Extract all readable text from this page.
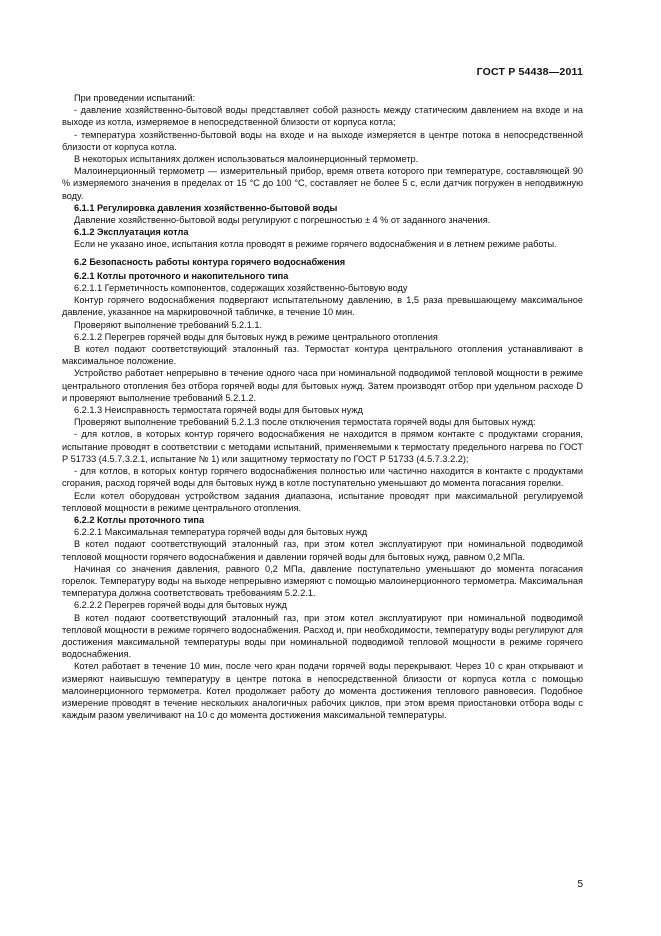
ГОСТ Р 54438—2011

При проведении испытаний:

- давление хозяйственно-бытовой воды представляет собой разность между статическим давлением на входе и на выходе из котла, измеряемое в непосредственной близости от корпуса котла;

- температура хозяйственно-бытовой воды на входе и на выходе измеряется в центре потока в непосредственной близости от корпуса котла.

В некоторых испытаниях должен использоваться малоинерционный термометр.

Малоинерционный термометр — измерительный прибор, время ответа которого при температуре, составляющей 90 % измеряемого значения в пределах от 15 °С до 100 °С, составляет не более 5 с, если датчик погружен в неподвижную воду.

6.1.1 Регулировка давления хозяйственно-бытовой воды

Давление хозяйственно-бытовой воды регулируют с погрешностью ± 4 % от заданного значения.

6.1.2 Эксплуатация котла

Если не указано иное, испытания котла проводят в режиме горячего водоснабжения и в летнем режиме работы.

6.2 Безопасность работы контура горячего водоснабжения

6.2.1 Котлы проточного и накопительного типа

6.2.1.1 Герметичность компонентов, содержащих хозяйственно-бытовую воду

Контур горячего водоснабжения подвергают испытательному давлению, в 1,5 раза превышающему максимальное давление, указанное на маркировочной табличке, в течение 10 мин.

Проверяют выполнение требований 5.2.1.1.

6.2.1.2 Перегрев горячей воды для бытовых нужд в режиме центрального отопления

В котел подают соответствующий эталонный газ. Термостат контура центрального отопления устанавливают в максимальное положение.

Устройство работает непрерывно в течение одного часа при номинальной подводимой тепловой мощности в режиме центрального отопления без отбора горячей воды для бытовых нужд. Затем производят отбор при удельном расходе D и проверяют выполнение требований 5.2.1.2.

6.2.1.3 Неисправность термостата горячей воды для бытовых нужд

Проверяют выполнение требований 5.2.1.3 после отключения термостата горячей воды для бытовых нужд:

- для котлов, в которых контур горячего водоснабжения не находится в прямом контакте с продуктами сгорания, испытание проводят в соответствии с методами испытаний, применяемыми к термостату предельного нагрева по ГОСТ Р 51733 (4.5.7.3.2.1, испытание № 1) или защитному термостату по ГОСТ Р 51733 (4.5.7.3.2.2);

- для котлов, в которых контур горячего водоснабжения полностью или частично находится в контакте с продуктами сгорания, расход горячей воды для бытовых нужд в котле поступательно уменьшают до момента погасания горелки.

Если котел оборудован устройством задания диапазона, испытание проводят при максимальной регулируемой тепловой мощности в режиме центрального отопления.

6.2.2 Котлы проточного типа

6.2.2.1 Максимальная температура горячей воды для бытовых нужд

В котел подают соответствующий эталонный газ, при этом котел эксплуатируют при номинальной подводимой тепловой мощности горячего водоснабжения и давлении горячей воды для бытовых нужд, равном 0,2 МПа.

Начиная со значения давления, равного 0,2 МПа, давление поступательно уменьшают до момента погасания горелок. Температуру воды на выходе непрерывно измеряют с помощью малоинерционного термометра. Максимальная температура должна соответствовать требованиям 5.2.2.1.

6.2.2.2 Перегрев горячей воды для бытовых нужд

В котел подают соответствующий эталонный газ, при этом котел эксплуатируют при номинальной подводимой тепловой мощности в режиме горячего водоснабжения. Расход и, при необходимости, температуру воды регулируют для достижения максимальной температуры воды при номинальной подводимой тепловой мощности в режиме горячего водоснабжения.

Котел работает в течение 10 мин, после чего кран подачи горячей воды перекрывают. Через 10 с кран открывают и измеряют наивысшую температуру в центре потока в непосредственной близости от корпуса котла с помощью малоинерционного термометра. Котел продолжает работу до момента достижения теплового равновесия. Подобное измерение проводят в течение нескольких аналогичных рабочих циклов, при этом время приостановки отбора воды с каждым разом увеличивают на 10 с до момента достижения максимальной температуры.

5
